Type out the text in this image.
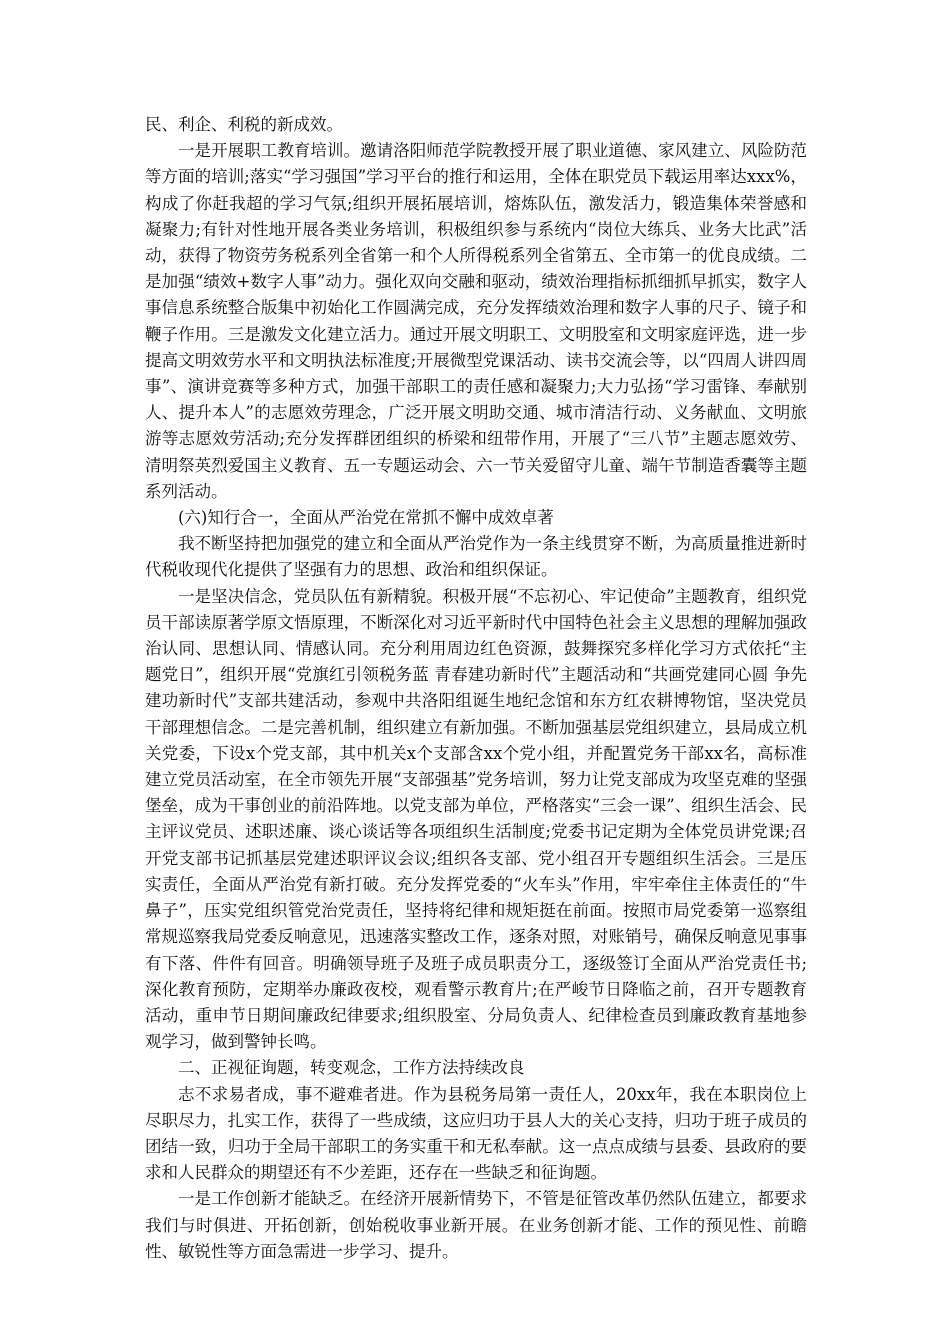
民、利企、利税的新成效。

一是开展职工教育培训。邀请洛阳师范学院教授开展了职业道德、家风建立、风险防范等方面的培训;落实“学习强国”学习平台的推行和运用，全体在职党员下载运用率达xxx%，构成了你赶我超的学习气氛;组织开展拓展培训，熔炼队伍，激发活力，锻造集体荣誉感和凝聚力;有针对性地开展各类业务培训，积极组织参与系统内“岗位大练兵、业务大比武”活动，获得了物资劳务税系列全省第一和个人所得税系列全省第五、全市第一的优良成绩。二是加强“绩效+数字人事”动力。强化双向交融和驱动，绩效治理指标抓细抓早抓实，数字人事信息系统整合版集中初始化工作圆满完成，充分发挥绩效治理和数字人事的尺子、镜子和鞭子作用。三是激发文化建立活力。通过开展文明职工、文明股室和文明家庭评选，进一步提高文明效劳水平和文明执法标准度;开展微型党课活动、读书交流会等，以“四周人讲四周事”、演讲竞赛等多种方式，加强干部职工的责任感和凝聚力;大力弘扬“学习雷锋、奉献别人、提升本人”的志愿效劳理念，广泛开展文明助交通、城市清洁行动、义务献血、文明旅游等志愿效劳活动;充分发挥群团组织的桥梁和纽带作用，开展了“三八节”主题志愿效劳、清明祭英烈爱国主义教育、五一专题运动会、六一节关爱留守儿童、端午节制造香囊等主题系列活动。

(六)知行合一，全面从严治党在常抓不懈中成效卓著

我不断坚持把加强党的建立和全面从严治党作为一条主线贯穿不断，为高质量推进新时代税收现代化提供了坚强有力的思想、政治和组织保证。

一是坚决信念，党员队伍有新精貌。积极开展“不忘初心、牢记使命”主题教育，组织党员干部读原著学原文悟原理，不断深化对习近平新时代中国特色社会主义思想的理解加强政治认同、思想认同、情感认同。充分利用周边红色资源，鼓舞探究多样化学习方式依托“主题党日”，组织开展“党旗红引领税务蓝 青春建功新时代”主题活动和“共画党建同心圆 争先建功新时代”支部共建活动，参观中共洛阳组诞生地纪念馆和东方红农耕博物馆，坚决党员干部理想信念。二是完善机制，组织建立有新加强。不断加强基层党组织建立，县局成立机关党委，下设x个党支部，其中机关x个支部含xx个党小组，并配置党务干部xx名，高标准建立党员活动室，在全市领先开展“支部强基”党务培训，努力让党支部成为攻坚克难的坚强堡垒，成为干事创业的前沿阵地。以党支部为单位，严格落实“三会一课”、组织生活会、民主评议党员、述职述廉、谈心谈话等各项组织生活制度;党委书记定期为全体党员讲党课;召开党支部书记抓基层党建述职评议会议;组织各支部、党小组召开专题组织生活会。三是压实责任，全面从严治党有新打破。充分发挥党委的“火车头”作用，牢牢牵住主体责任的“牛鼻子”，压实党组织管党治党责任，坚持将纪律和规矩挺在前面。按照市局党委第一巡察组常规巡察我局党委反响意见，迅速落实整改工作，逐条对照，对账销号，确保反响意见事事有下落、件件有回音。明确领导班子及班子成员职责分工，逐级签订全面从严治党责任书;深化教育预防，定期举办廉政夜校，观看警示教育片;在严峻节日降临之前，召开专题教育活动，重申节日期间廉政纪律要求;组织股室、分局负责人、纪律检查员到廉政教育基地参观学习，做到警钟长鸣。

二、正视征询题，转变观念，工作方法持续改良

志不求易者成，事不避难者进。作为县税务局第一责任人，20xx年，我在本职岗位上尽职尽力，扎实工作，获得了一些成绩，这应归功于县人大的关心支持，归功于班子成员的团结一致，归功于全局干部职工的务实重干和无私奉献。这一点点成绩与县委、县政府的要求和人民群众的期望还有不少差距，还存在一些缺乏和征询题。

一是工作创新才能缺乏。在经济开展新情势下，不管是征管改革仍然队伍建立，都要求我们与时俱进、开拓创新，创始税收事业新开展。在业务创新才能、工作的预见性、前瞻性、敏锐性等方面急需进一步学习、提升。
